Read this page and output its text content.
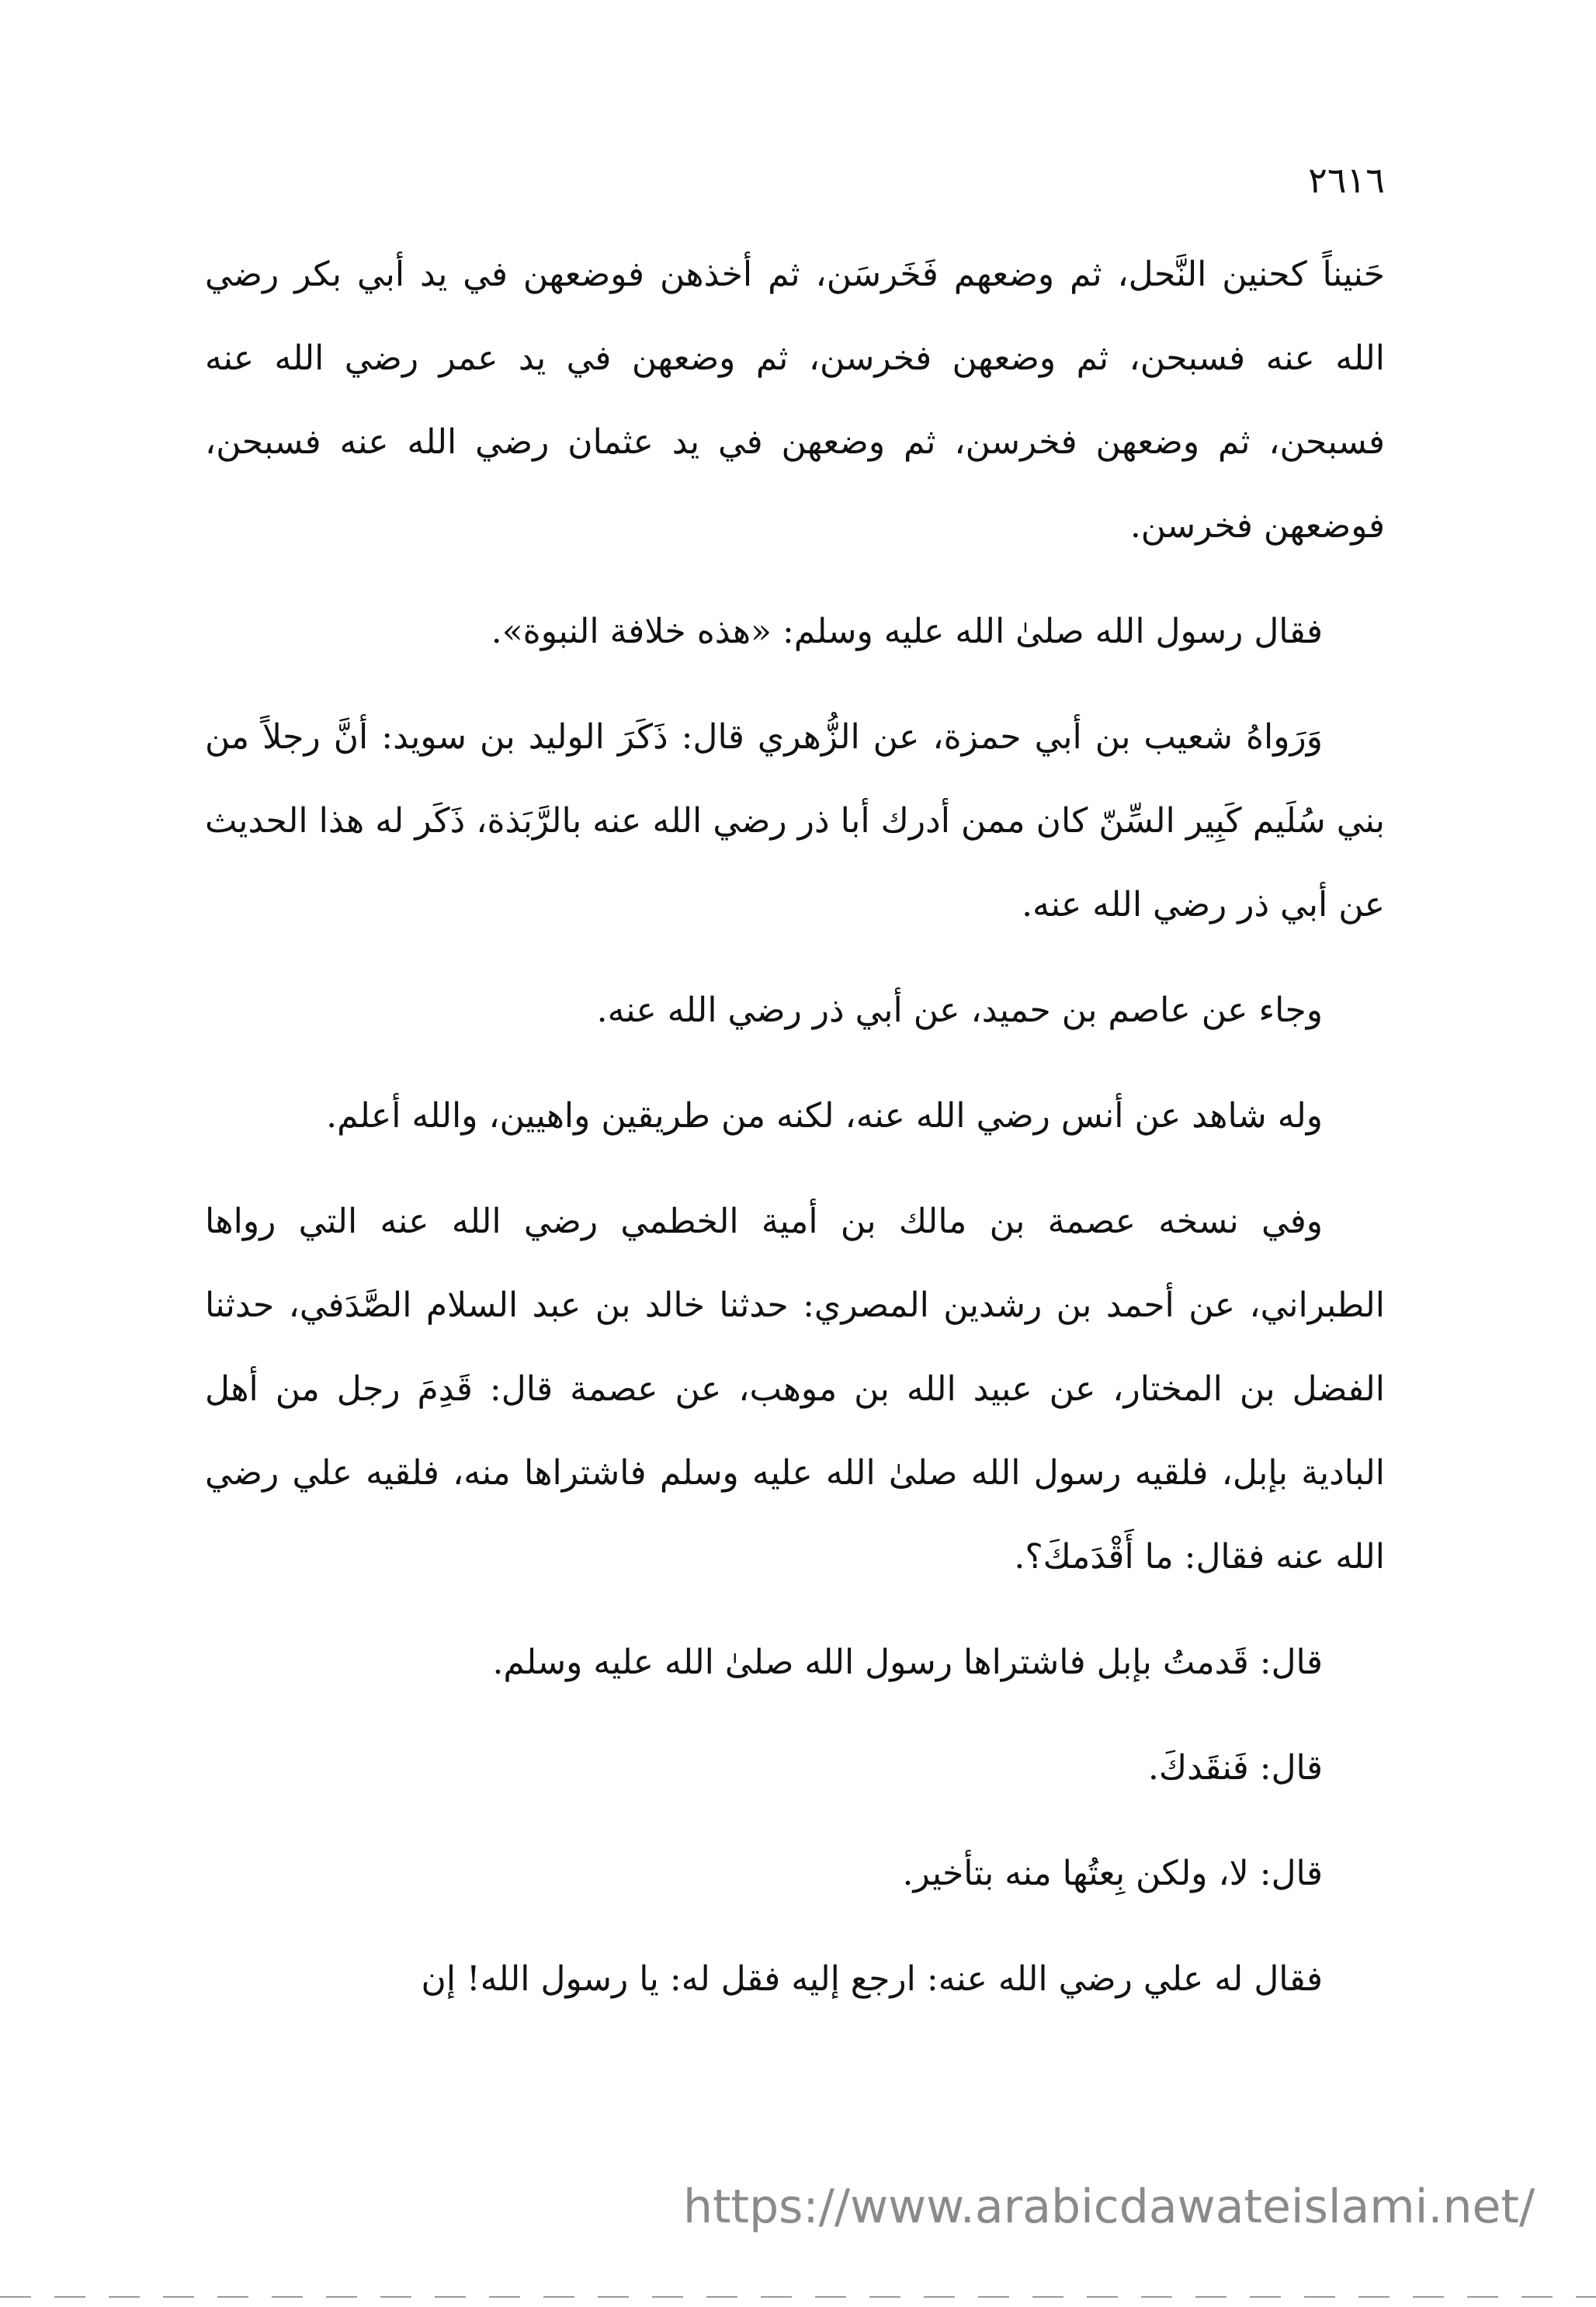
٢٦١٦

حَنيناً كحنين النَّحل، ثم وضعهم فَخَرسَن، ثم أخذهن فوضعهن في يد أبي بكر رضي الله عنه فسبحن، ثم وضعهن فخرسن، ثم وضعهن في يد عمر رضي الله عنه فسبحن، ثم وضعهن فخرسن، ثم وضعهن في يد عثمان رضي الله عنه فسبحن، فوضعهن فخرسن.

فقال رسول الله صلىٰ الله عليه وسلم: «هذه خلافة النبوة».

وَرَواهُ شعيب بن أبي حمزة، عن الزُّهري قال: ذَكَرَ الوليد بن سويد: أنَّ رجلاً من بني سُلَيم كَبِير السِّنّ كان ممن أدرك أبا ذر رضي الله عنه بالرَّبَذة، ذَكَر له هذا الحديث عن أبي ذر رضي الله عنه.

وجاء عن عاصم بن حميد، عن أبي ذر رضي الله عنه.

وله شاهد عن أنس رضي الله عنه، لكنه من طريقين واهيين، والله أعلم.

وفي نسخه عصمة بن مالك بن أمية الخطمي رضي الله عنه التي رواها الطبراني، عن أحمد بن رشدين المصري: حدثنا خالد بن عبد السلام الصَّدَفي، حدثنا الفضل بن المختار، عن عبيد الله بن موهب، عن عصمة قال: قَدِمَ رجل من أهل البادية بإبل، فلقيه رسول الله صلىٰ الله عليه وسلم فاشتراها منه، فلقيه علي رضي الله عنه فقال: ما أَقْدَمكَ؟.

قال: قَدمتُ بإبل فاشتراها رسول الله صلىٰ الله عليه وسلم.

قال: فَنقَدكَ.

قال: لا، ولكن بِعتُها منه بتأخير.

فقال له علي رضي الله عنه: ارجع إليه فقل له: يا رسول الله! إن

https://www.arabicdawateislami.net/
